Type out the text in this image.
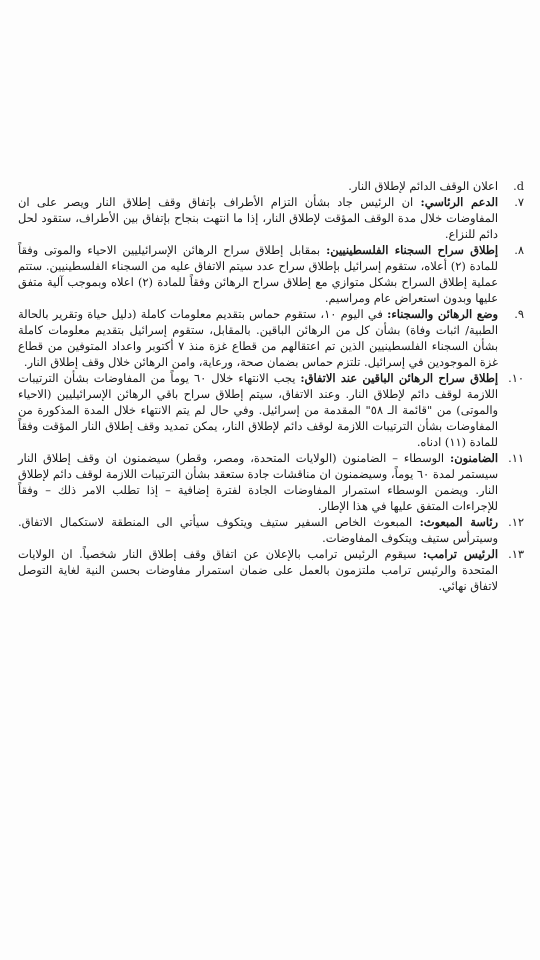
d.
اعلان الوقف الدائم لإطلاق النار.

٧.
الدعم الرئاسي: ان الرئيس جاد بشأن التزام الأطراف بإتفاق وقف إطلاق النار ويصر على ان المفاوضات خلال مدة الوقف المؤقت لإطلاق النار، إذا ما انتهت بنجاح بإتفاق بين الأطراف، ستقود لحل دائم للنزاع.

٨.
إطلاق سراح السجناء الفلسطينيين: بمقابل إطلاق سراح الرهائن الإسرائيليين الاحياء والموتى وفقاً للمادة (٢) أعلاه، ستقوم إسرائيل بإطلاق سراح عدد سيتم الاتفاق عليه من السجناء الفلسطينيين. ستتم عملية إطلاق السراح بشكل متوازي مع إطلاق سراح الرهائن وفقاً للمادة (٢) اعلاه وبموجب آلية متفق عليها وبدون استعراض عام ومراسيم.

٩.
وضع الرهائن والسجناء: في اليوم ١٠، ستقوم حماس بتقديم معلومات كاملة (دليل حياة وتقرير بالحالة الطبية/ اثبات وفاة) بشأن كل من الرهائن الباقين. بالمقابل، ستقوم إسرائيل بتقديم معلومات كاملة بشأن السجناء الفلسطينيين الذين تم اعتقالهم من قطاع غزة منذ ٧ أكتوبر واعداد المتوفين من قطاع غزة الموجودين في إسرائيل. تلتزم حماس بضمان صحة، ورعاية، وامن الرهائن خلال وقف إطلاق النار.

١٠.
إطلاق سراح الرهائن الباقين عند الاتفاق: يجب الانتهاء خلال ٦٠ يوماً من المفاوضات بشأن الترتيبات اللازمة لوقف دائم لإطلاق النار. وعند الاتفاق، سيتم إطلاق سراح باقي الرهائن الإسرائيليين (الاحياء والموتى) من "قائمة الـ ٥٨" المقدمة من إسرائيل. وفي حال لم يتم الانتهاء خلال المدة المذكورة من المفاوضات بشأن الترتيبات اللازمة لوقف دائم لإطلاق النار، يمكن تمديد وقف إطلاق النار المؤقت وفقاً للمادة (١١) ادناه.

١١.
الضامنون: الوسطاء – الضامنون (الولايات المتحدة، ومصر، وقطر) سيضمنون ان وقف إطلاق النار سيستمر لمدة ٦٠ يوماً، وسيضمنون ان مناقشات جادة ستعقد بشأن الترتيبات اللازمة لوقف دائم لإطلاق النار. ويضمن الوسطاء استمرار المفاوضات الجادة لفترة إضافية – إذا تطلب الامر ذلك – وفقاً للإجراءات المتفق عليها في هذا الإطار.

١٢.
رئاسة المبعوث: المبعوث الخاص السفير ستيف ويتكوف سيأتي الى المنطقة لاستكمال الاتفاق. وسيترأس ستيف ويتكوف المفاوضات.

١٣.
الرئيس ترامب: سيقوم الرئيس ترامب بالإعلان عن اتفاق وقف إطلاق النار شخصياً. ان الولايات المتحدة والرئيس ترامب ملتزمون بالعمل على ضمان استمرار مفاوضات بحسن النية لغاية التوصل لاتفاق نهائي.
